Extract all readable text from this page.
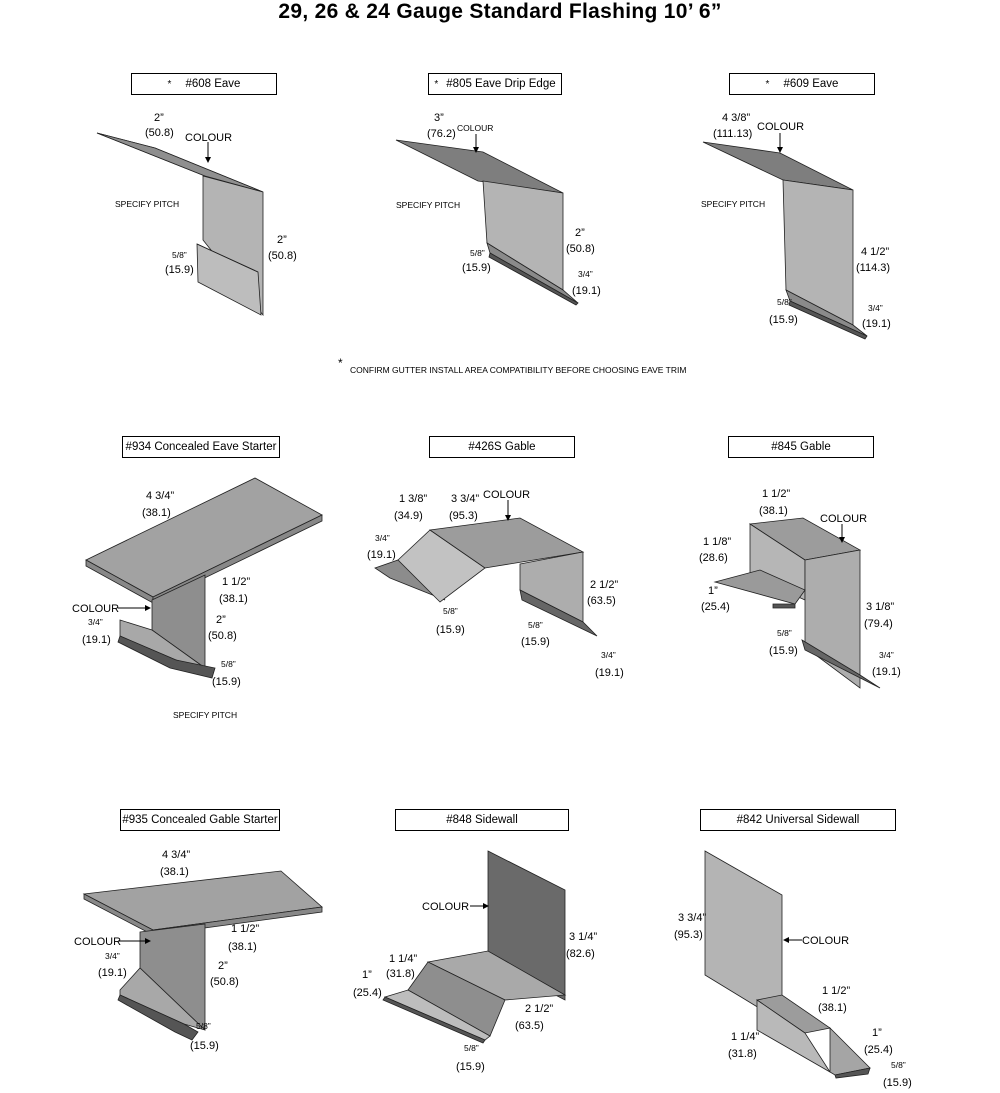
29, 26 & 24 Gauge Standard Flashing 10’ 6”
* #608 Eave	* #805 Eave Drip Edge	* #609 Eave
#934 Concealed Eave Starter	#426S Gable	#845 Gable
#935 Concealed Gable Starter	#848 Sidewall	#842 Universal Sidewall
* CONFIRM GUTTER INSTALL AREA COMPATIBILITY BEFORE CHOOSING EAVE TRIM
2”
(50.8) COLOUR
SPECIFY PITCH
2”
(50.8)
5/8”
(15.9)
3”
(76.2) COLOUR
SPECIFY PITCH
2”
(50.8)
5/8”
(15.9)	3/4”
(19.1)
4 3/8”
(111.13)
COLOUR
SPECIFY PITCH
4 1/2”
(114.3)
5/8”
(15.9)
3/4”
(19.1)
4 3/4”
(38.1)
1 1/2”
(38.1)
COLOUR
3/4”
(19.1)
2”
(50.8)
5/8”
(15.9)
SPECIFY PITCH
1 3/8”
(34.9)
3 3/4”
(95.3)
COLOUR
3/4”
(19.1)
5/8”
(15.9)
2 1/2”
(63.5)
5/8”
(15.9)
3/4”
(19.1)
1 1/2”
(38.1)
COLOUR
1 1/8”
(28.6)
1”
(25.4)	3 1/8”
(79.4)
5/8”
(15.9)	3/4”
(19.1)
4 3/4”
(38.1)
1 1/2”
(38.1)
COLOUR
3/4”
(19.1)
2”
(50.8)
5/8”
(15.9)
COLOUR
3 1/4”
(82.6)
1 1/4”
(31.8)
1”
(25.4)
2 1/2”
(63.5)
5/8”
(15.9)
3 3/4”
(95.3)	COLOUR
1 1/2”
(38.1)
1 1/4”
(31.8)
1”
(25.4)
5/8”
(15.9)
